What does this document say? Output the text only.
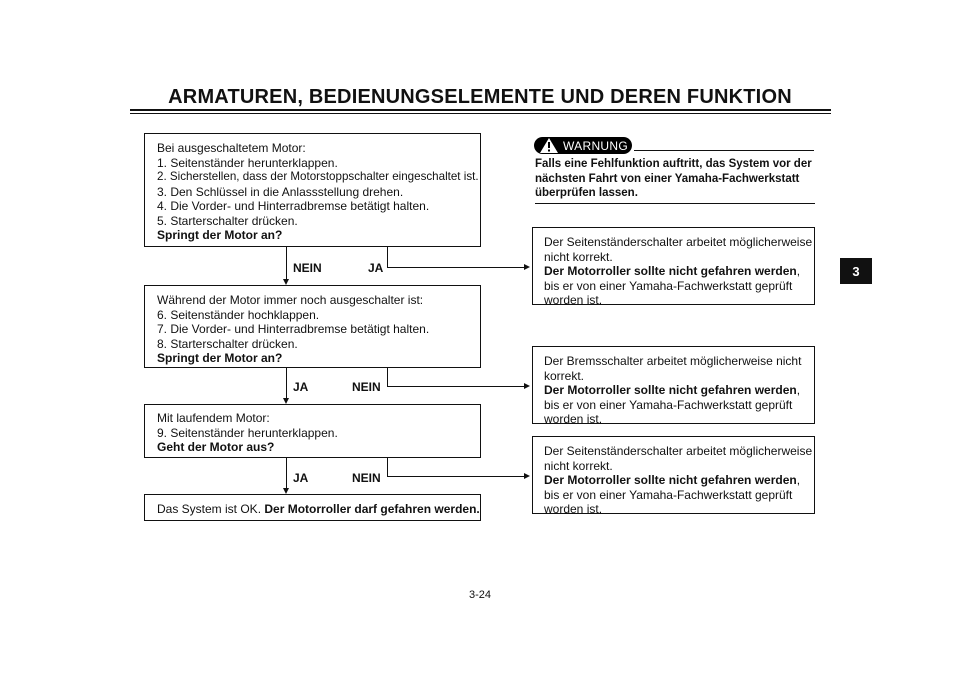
ARMATUREN, BEDIENUNGSELEMENTE UND DEREN FUNKTION
Bei ausgeschaltetem Motor:
1. Seitenständer herunterklappen.
2. Sicherstellen, dass der Motorstoppschalter eingeschaltet ist.
3. Den Schlüssel in die Anlassstellung drehen.
4. Die Vorder- und Hinterradbremse betätigt halten.
5. Starterschalter drücken.
Springt der Motor an?
NEIN	JA
Während der Motor immer noch ausgeschalter ist:
6. Seitenständer hochklappen.
7. Die Vorder- und Hinterradbremse betätigt halten.
8. Starterschalter drücken.
Springt der Motor an?
JA	NEIN
Mit laufendem Motor:
9. Seitenständer herunterklappen.
Geht der Motor aus?
JA	NEIN
Das System ist OK. Der Motorroller darf gefahren werden.
WARNUNG
Falls eine Fehlfunktion auftritt, das System vor der
nächsten Fahrt von einer Yamaha-Fachwerkstatt
überprüfen lassen.
Der Seitenständerschalter arbeitet möglicherweise
nicht korrekt.
Der Motorroller sollte nicht gefahren werden,
bis er von einer Yamaha-Fachwerkstatt geprüft
worden ist.
Der Bremsschalter arbeitet möglicherweise nicht
korrekt.
Der Motorroller sollte nicht gefahren werden,
bis er von einer Yamaha-Fachwerkstatt geprüft
worden ist.
Der Seitenständerschalter arbeitet möglicherweise
nicht korrekt.
Der Motorroller sollte nicht gefahren werden,
bis er von einer Yamaha-Fachwerkstatt geprüft
worden ist.
3
3-24
